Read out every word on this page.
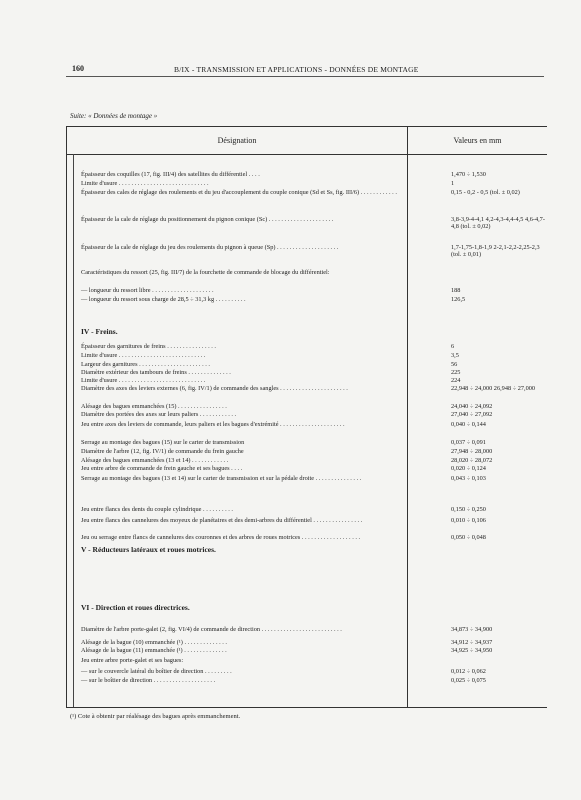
160	B/IX - TRANSMISSION ET APPLICATIONS - DONNÉES DE MONTAGE
Suite: « Données de montage »
Désignation	Valeurs en mm
Épaisseur des coquilles (17, fig. III/4) des satellites du différentiel . . . .	1,470 ÷ 1,530
Limite d'usure . . . . . . . . . . . . . . . . . . . . . . . . . . . . .	1
Épaisseur des cales de réglage des roulements et du jeu d'accouplement du couple conique (Sd et Ss, fig. III/6) . . . . . . . . . . . .	0,15 - 0,2 - 0,5 (tol. ± 0,02)
Épaisseur de la cale de réglage du positionnement du pignon conique (Sc) . . . . . . . . . . . . . . . . . . . . .	3,8-3,9-4-4,1 4,2-4,3-4,4-4,5 4,6-4,7-4,8 (tol. ± 0,02)
Épaisseur de la cale de réglage du jeu des roulements du pignon à queue (Sp) . . . . . . . . . . . . . . . . . . . .	1,7-1,75-1,8-1,9 2-2,1-2,2-2,25-2,3 (tol. ± 0,01)
Caractéristiques du ressort (25, fig. III/7) de la fourchette de commande de blocage du différentiel:
— longueur du ressort libre . . . . . . . . . . . . . . . . . . . .	188
— longueur du ressort sous charge de 28,5 ÷ 31,3 kg . . . . . . . . . .	126,5
IV - Freins.
Épaisseur des garnitures de freins . . . . . . . . . . . . . . . .	6
Limite d'usure . . . . . . . . . . . . . . . . . . . . . . . . . . . .	3,5
Largeur des garnitures . . . . . . . . . . . . . . . . . . . . . . .	56
Diamètre extérieur des tambours de freins . . . . . . . . . . . . . .	225
Limite d'usure . . . . . . . . . . . . . . . . . . . . . . . . . . . .	224
Diamètre des axes des leviers externes (6, fig. IV/1) de commande des sangles . . . . . . . . . . . . . . . . . . . . . .	22,948 ÷ 24,000 26,948 ÷ 27,000
Alésage des bagues emmanchées (15) . . . . . . . . . . . . . . . .	24,040 ÷ 24,092
Diamètre des portées des axes sur leurs paliers . . . . . . . . . . . .	27,040 ÷ 27,092
Jeu entre axes des leviers de commande, leurs paliers et les bagues d'extrémité . . . . . . . . . . . . . . . . . . . . .	0,040 ÷ 0,144
Serrage au montage des bagues (15) sur le carter de transmission	0,037 ÷ 0,091
Diamètre de l'arbre (12, fig. IV/1) de commande du frein gauche	27,948 ÷ 28,000
Alésage des bagues emmanchées (13 et 14) . . . . . . . . . . . .	28,020 ÷ 28,072
Jeu entre arbre de commande de frein gauche et ses bagues . . . .	0,020 ÷ 0,124
Serrage au montage des bagues (13 et 14) sur le carter de transmission et sur la pédale droite . . . . . . . . . . . . . . .	0,043 ÷ 0,103
V - Réducteurs latéraux et roues motrices.
Jeu entre flancs des dents du couple cylindrique . . . . . . . . . .	0,150 ÷ 0,250
Jeu entre flancs des cannelures des moyeux de planétaires et des demi-arbres du différentiel . . . . . . . . . . . . . . . .	0,010 ÷ 0,106
Jeu ou serrage entre flancs de cannelures des couronnes et des arbres de roues motrices . . . . . . . . . . . . . . . . . . .	0,050 ÷ 0,048
VI - Direction et roues directrices.
Diamètre de l'arbre porte-galet (2, fig. VI/4) de commande de direction . . . . . . . . . . . . . . . . . . . . . . . . . .	34,873 ÷ 34,900
Alésage de la bague (10) emmanchée (¹) . . . . . . . . . . . . . .	34,912 ÷ 34,937
Alésage de la bague (11) emmanchée (¹) . . . . . . . . . . . . . .	34,925 ÷ 34,950
Jeu entre arbre porte-galet et ses bagues:
— sur le couvercle latéral du boîtier de direction . . . . . . . . .	0,012 ÷ 0,062
— sur le boîtier de direction . . . . . . . . . . . . . . . . . . . .	0,025 ÷ 0,075
(¹) Cote à obtenir par réalésage des bagues après emmanchement.
